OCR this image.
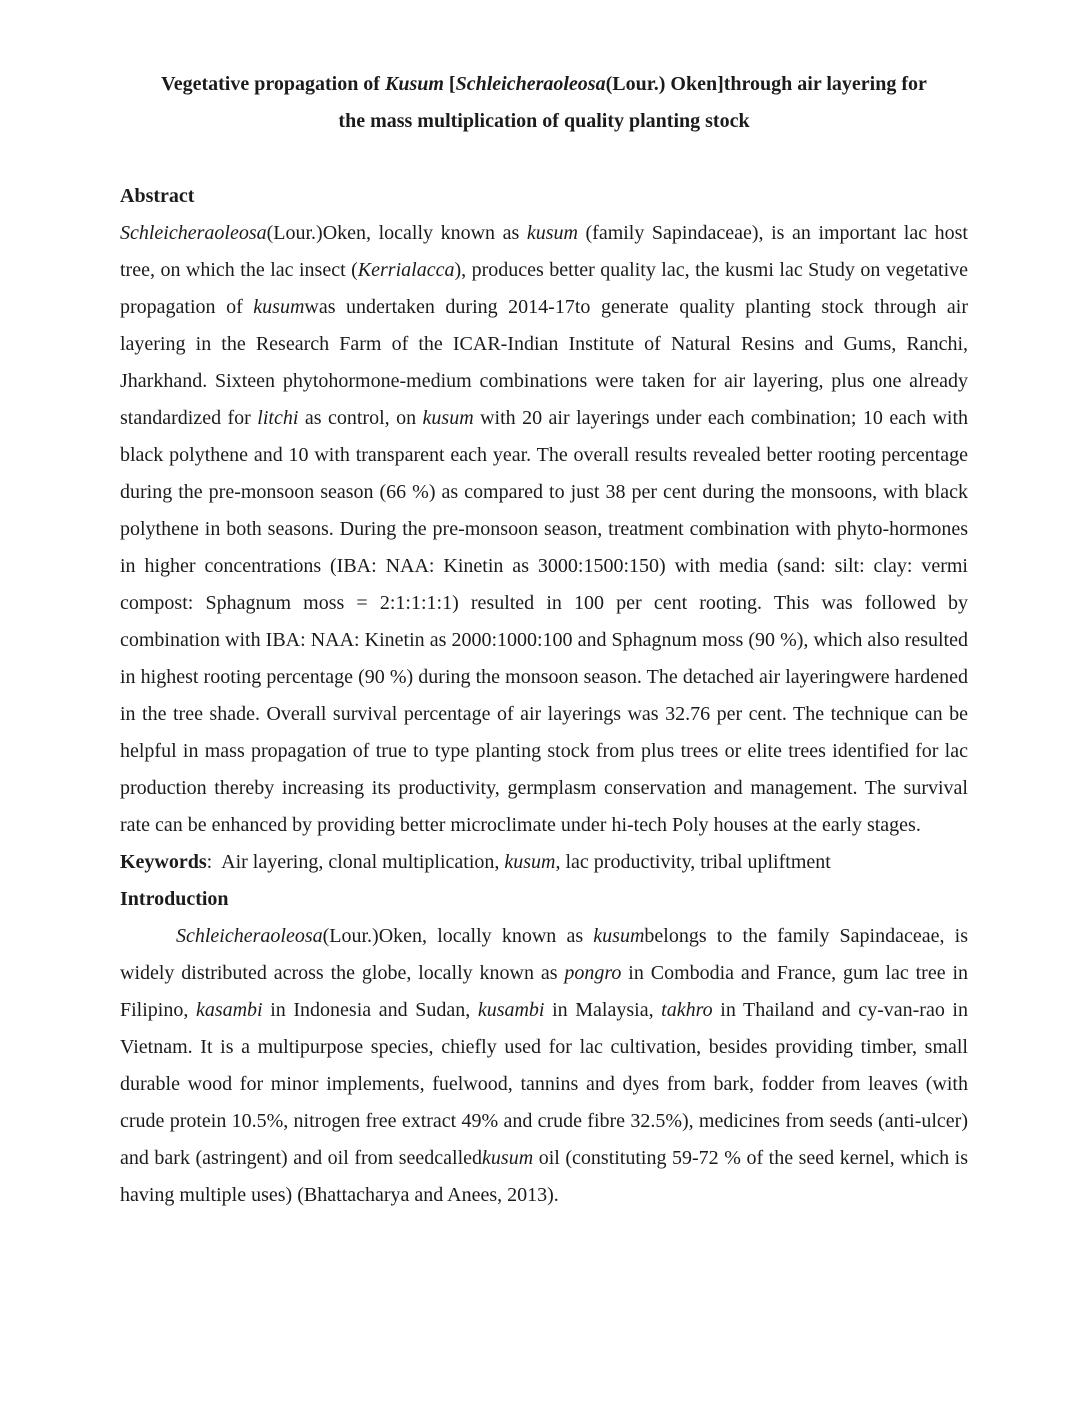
Vegetative propagation of Kusum [Schleicheraoleosa(Lour.) Oken]through air layering for
the mass multiplication of quality planting stock
Abstract

Schleicheraoleosa(Lour.)Oken, locally known as kusum (family Sapindaceae), is an important lac host tree, on which the lac insect (Kerrialacca), produces better quality lac, the kusmi lac Study on vegetative propagation of kusumwas undertaken during 2014-17to generate quality planting stock through air layering in the Research Farm of the ICAR-Indian Institute of Natural Resins and Gums, Ranchi, Jharkhand. Sixteen phytohormone-medium combinations were taken for air layering, plus one already standardized for litchi as control, on kusum with 20 air layerings under each combination; 10 each with black polythene and 10 with transparent each year. The overall results revealed better rooting percentage during the pre-monsoon season (66 %) as compared to just 38 per cent during the monsoons, with black polythene in both seasons. During the pre-monsoon season, treatment combination with phyto-hormones in higher concentrations (IBA: NAA: Kinetin as 3000:1500:150) with media (sand: silt: clay: vermi compost: Sphagnum moss = 2:1:1:1:1) resulted in 100 per cent rooting. This was followed by combination with IBA: NAA: Kinetin as 2000:1000:100 and Sphagnum moss (90 %), which also resulted in highest rooting percentage (90 %) during the monsoon season. The detached air layeringwere hardened in the tree shade. Overall survival percentage of air layerings was 32.76 per cent. The technique can be helpful in mass propagation of true to type planting stock from plus trees or elite trees identified for lac production thereby increasing its productivity, germplasm conservation and management. The survival rate can be enhanced by providing better microclimate under hi-tech Poly houses at the early stages.

Keywords:  Air layering, clonal multiplication, kusum, lac productivity, tribal upliftment

Introduction

Schleicheraoleosa(Lour.)Oken, locally known as kusumbelongs to the family Sapindaceae, is widely distributed across the globe, locally known as pongro in Combodia and France, gum lac tree in Filipino, kasambi in Indonesia and Sudan, kusambi in Malaysia, takhro in Thailand and cy-van-rao in Vietnam. It is a multipurpose species, chiefly used for lac cultivation, besides providing timber, small durable wood for minor implements, fuelwood, tannins and dyes from bark, fodder from leaves (with crude protein 10.5%, nitrogen free extract 49% and crude fibre 32.5%), medicines from seeds (anti-ulcer) and bark (astringent) and oil from seedcalledkusum oil (constituting 59-72 % of the seed kernel, which is having multiple uses) (Bhattacharya and Anees, 2013).
